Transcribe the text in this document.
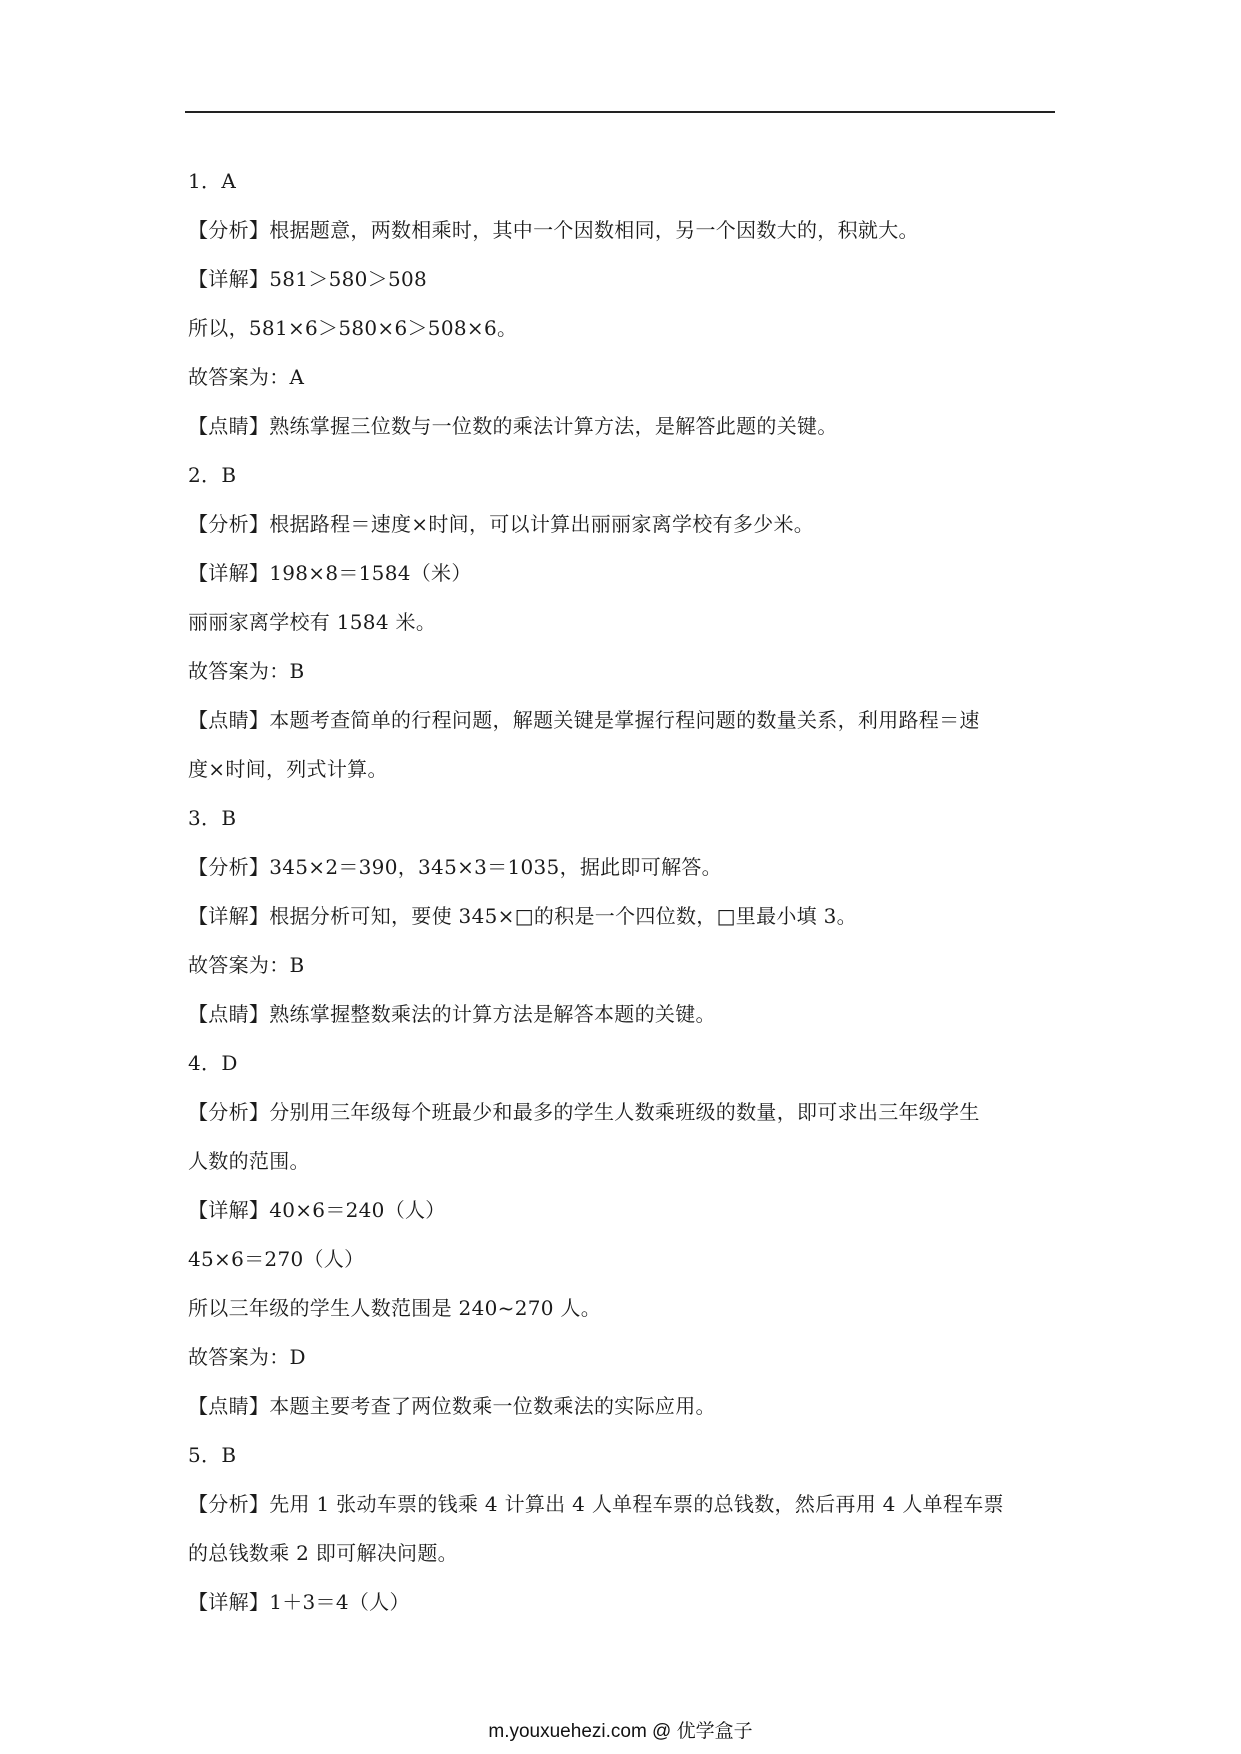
1．A
【分析】根据题意，两数相乘时，其中一个因数相同，另一个因数大的，积就大。
【详解】581＞580＞508
所以，581×6＞580×6＞508×6。
故答案为：A
【点睛】熟练掌握三位数与一位数的乘法计算方法，是解答此题的关键。
2．B
【分析】根据路程＝速度×时间，可以计算出丽丽家离学校有多少米。
【详解】198×8＝1584（米）
丽丽家离学校有 1584 米。
故答案为：B
【点睛】本题考查简单的行程问题，解题关键是掌握行程问题的数量关系，利用路程＝速
度×时间，列式计算。
3．B
【分析】345×2＝390，345×3＝1035，据此即可解答。
【详解】根据分析可知，要使 345×□的积是一个四位数，□里最小填 3。
故答案为：B
【点睛】熟练掌握整数乘法的计算方法是解答本题的关键。
4．D
【分析】分别用三年级每个班最少和最多的学生人数乘班级的数量，即可求出三年级学生
人数的范围。
【详解】40×6＝240（人）
45×6＝270（人）
所以三年级的学生人数范围是 240~270 人。
故答案为：D
【点睛】本题主要考查了两位数乘一位数乘法的实际应用。
5．B
【分析】先用 1 张动车票的钱乘 4 计算出 4 人单程车票的总钱数，然后再用 4 人单程车票
的总钱数乘 2 即可解决问题。
【详解】1＋3＝4（人）
m.youxuehezi.com @ 优学盒子
